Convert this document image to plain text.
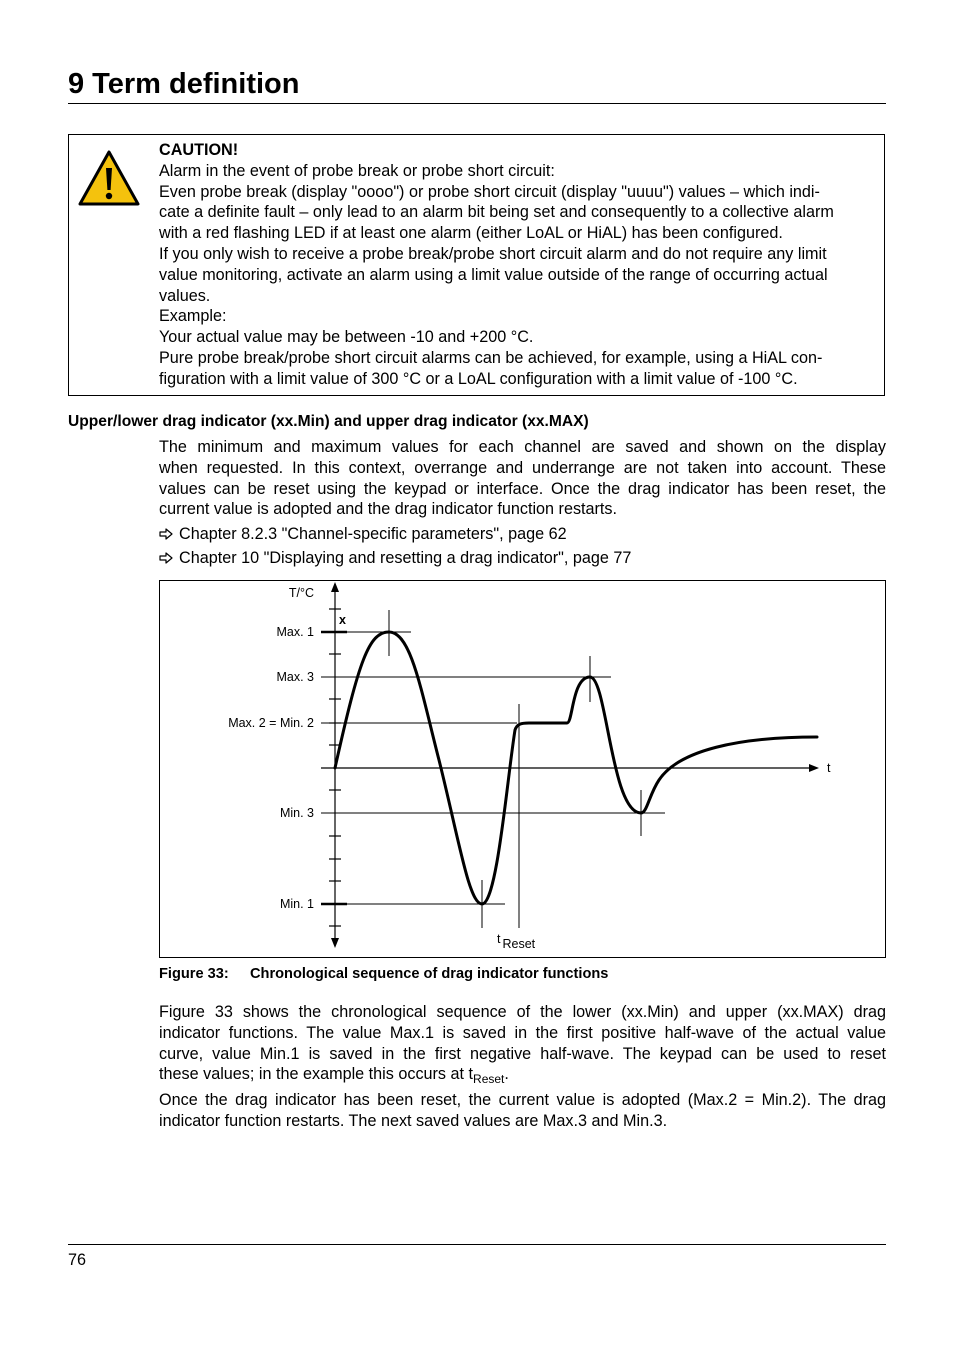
9 Term definition
CAUTION!
Alarm in the event of probe break or probe short circuit:
Even probe break (display "oooo") or probe short circuit (display "uuuu") values – which indi-
cate a definite fault – only lead to an alarm bit being set and consequently to a collective alarm
with a red flashing LED if at least one alarm (either LoAL or HiAL) has been configured.
If you only wish to receive a probe break/probe short circuit alarm and do not require any limit
value monitoring, activate an alarm using a limit value outside of the range of occurring actual
values.
Example:
Your actual value may be between -10 and +200 °C.
Pure probe break/probe short circuit alarms can be achieved, for example, using a HiAL con-
figuration with a limit value of 300 °C or a LoAL configuration with a limit value of -100 °C.
Upper/lower drag indicator (xx.Min) and upper drag indicator (xx.MAX)
The minimum and maximum values for each channel are saved and shown on the display
when requested. In this context, overrange and underrange are not taken into account. These
values can be reset using the keypad or interface. Once the drag indicator has been reset, the
current value is adopted and the drag indicator function restarts.
Chapter 8.2.3 "Channel-specific parameters", page 62
Chapter 10 "Displaying and resetting a drag indicator", page 77
T/°C
x
Max. 1
Max. 3
Max. 2 = Min. 2
Min. 3
Min. 1
t
t Reset
Figure 33: Chronological sequence of drag indicator functions
Figure 33 shows the chronological sequence of the lower (xx.Min) and upper (xx.MAX) drag
indicator functions. The value Max.1 is saved in the first positive half-wave of the actual value
curve, value Min.1 is saved in the first negative half-wave. The keypad can be used to reset
these values; in the example this occurs at $t_{Reset}$.
Once the drag indicator has been reset, the current value is adopted (Max.2 = Min.2). The drag
indicator function restarts. The next saved values are Max.3 and Min.3.
76
